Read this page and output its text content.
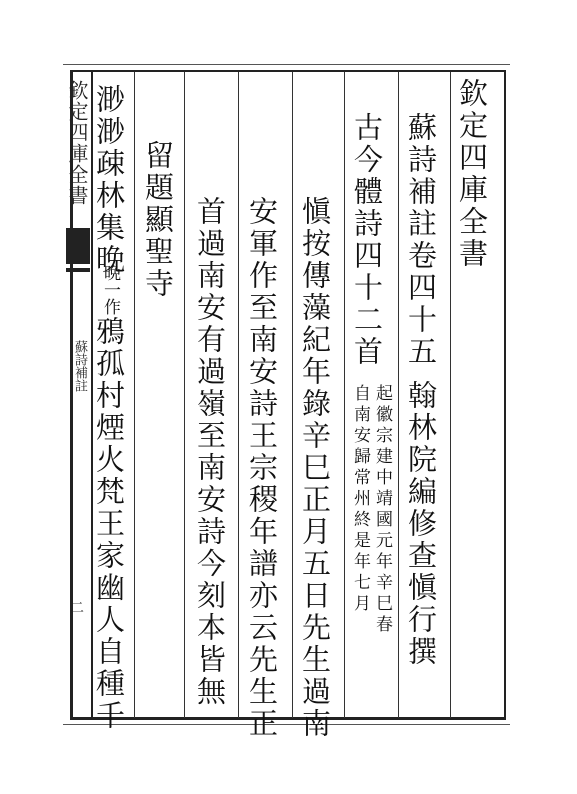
欽定四庫全書
蘇詩補註
二
欽定四庫全書
蘇詩補註卷四十五
翰林院編修查愼行撰
古今體詩四十二首
起徽宗建中靖國元年辛巳春
自南安歸常州終是年七月
愼按傳藻紀年錄辛巳正月五日先生過南
安軍作至南安詩王宗稷年譜亦云先生正
首過南安有過嶺至南安詩今刻本皆無
留題顯聖寺
渺渺疎林集晚
晩一作
鴉孤村煙火梵王家幽人自種千
